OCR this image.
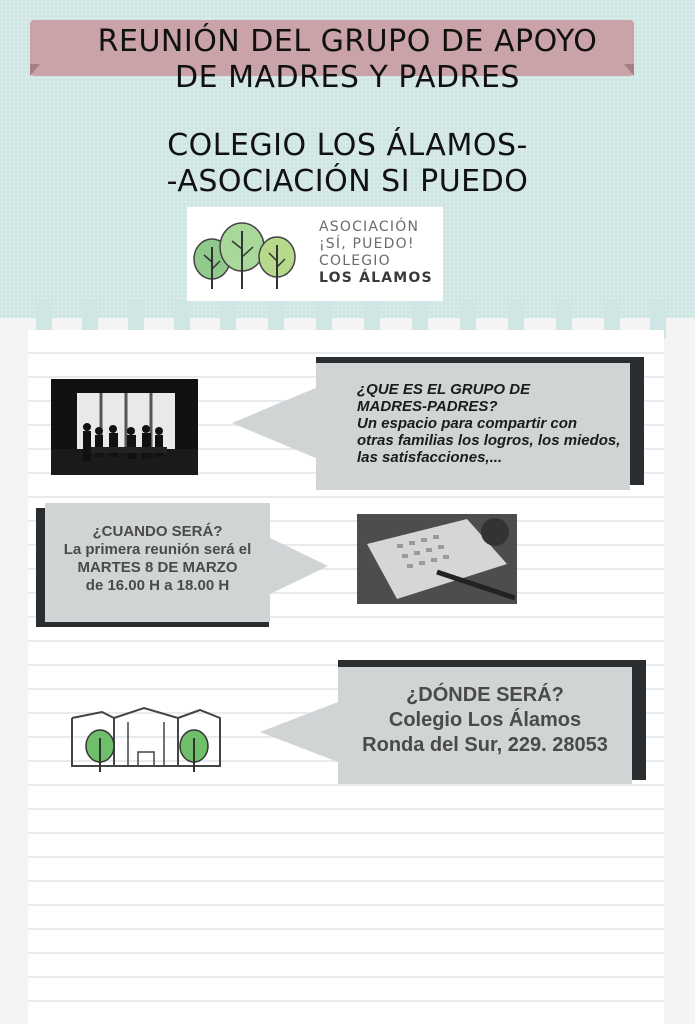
REUNIÓN DEL GRUPO DE APOYO
DE MADRES Y PADRES
COLEGIO LOS ÁLAMOS-
-ASOCIACIÓN SI PUEDO
ASOCIACIÓN
¡SÍ, PUEDO!
COLEGIO
LOS ÁLAMOS
¿QUE ES EL GRUPO DE
MADRES-PADRES?
Un espacio para compartir con
otras familias los logros, los miedos,
las satisfacciones,...
¿CUANDO SERÁ?
La primera reunión será el
MARTES 8 DE MARZO
de 16.00 H a 18.00 H
¿DÓNDE SERÁ?
Colegio Los Álamos
Ronda del Sur, 229. 28053
